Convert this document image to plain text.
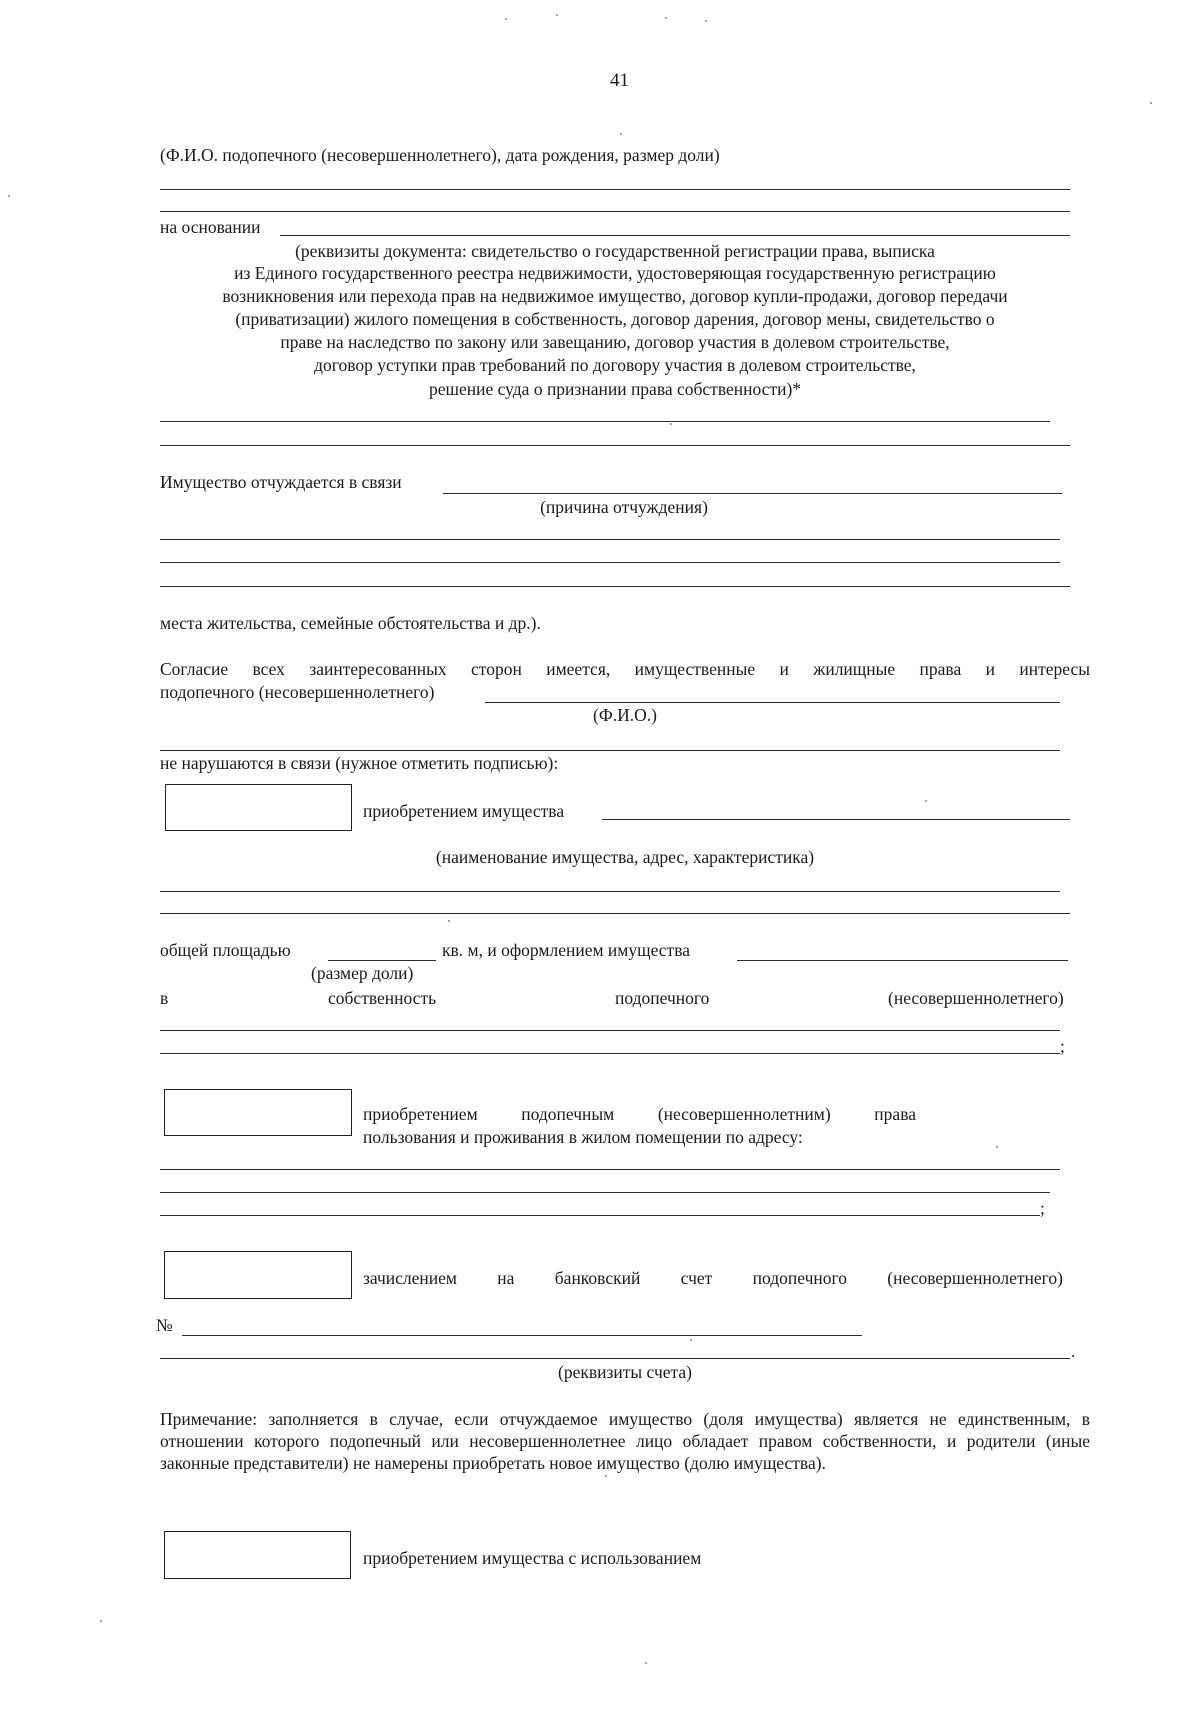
41
(Ф.И.О. подопечного (несовершеннолетнего), дата рождения, размер доли)
на основании
(реквизиты документа: свидетельство о государственной регистрации права, выписка
из Единого государственного реестра недвижимости, удостоверяющая государственную регистрацию
возникновения или перехода прав на недвижимое имущество, договор купли-продажи, договор передачи
(приватизации) жилого помещения в собственность, договор дарения, договор мены, свидетельство о
праве на наследство по закону или завещанию, договор участия в долевом строительстве,
договор уступки прав требований по договору участия в долевом строительстве,
решение суда о признании права собственности)*
Имущество отчуждается в связи
(причина отчуждения)
места жительства, семейные обстоятельства и др.).
Согласие всех заинтересованных сторон имеется, имущественные и жилищные права и интересы
подопечного (несовершеннолетнего)
(Ф.И.О.)
не нарушаются в связи (нужное отметить подписью):
приобретением имущества
(наименование имущества, адрес, характеристика)
общей площадью	кв. м, и оформлением имущества
(размер доли)
в	собственность	подопечного	(несовершеннолетнего)
;
приобретением подопечным (несовершеннолетним) права
пользования и проживания в жилом помещении по адресу:
;
зачислением на банковский счет подопечного (несовершеннолетнего)
№
.
(реквизиты счета)
Примечание: заполняется в случае, если отчуждаемое имущество (доля имущества) является не единственным, в отношении которого подопечный или несовершеннолетнее лицо обладает правом собственности, и родители (иные законные представители) не намерены приобретать новое имущество (долю имущества).
приобретением имущества с использованием
